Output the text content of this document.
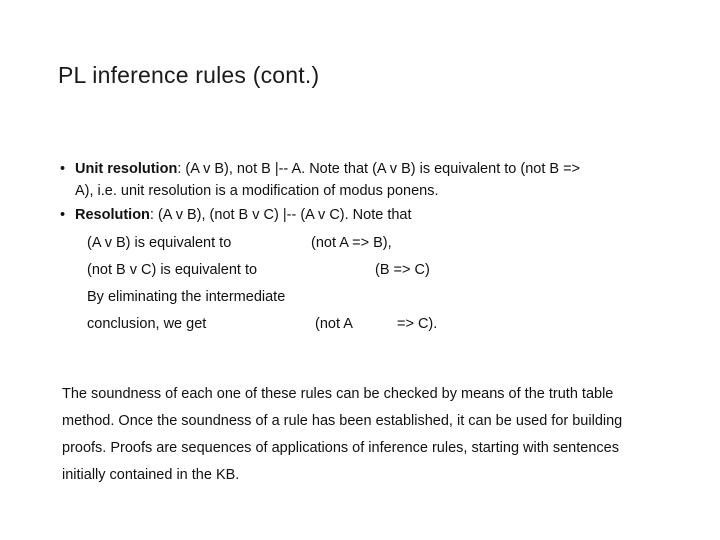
PL inference rules (cont.)
• Unit resolution: (A v B), not B |-- A. Note that (A v B) is equivalent to (not B =>
A), i.e. unit resolution is a modification of modus ponens.
• Resolution: (A v B), (not B v C) |-- (A v C). Note that
(A v B) is equivalent to	(not A => B),
(not B v C) is equivalent to	(B => C)
By eliminating the intermediate
conclusion, we get	(not A	=> C).

The soundness of each one of these rules can be checked by means of the truth table method. Once the soundness of a rule has been established, it can be used for building proofs. Proofs are sequences of applications of inference rules, starting with sentences initially contained in the KB.
